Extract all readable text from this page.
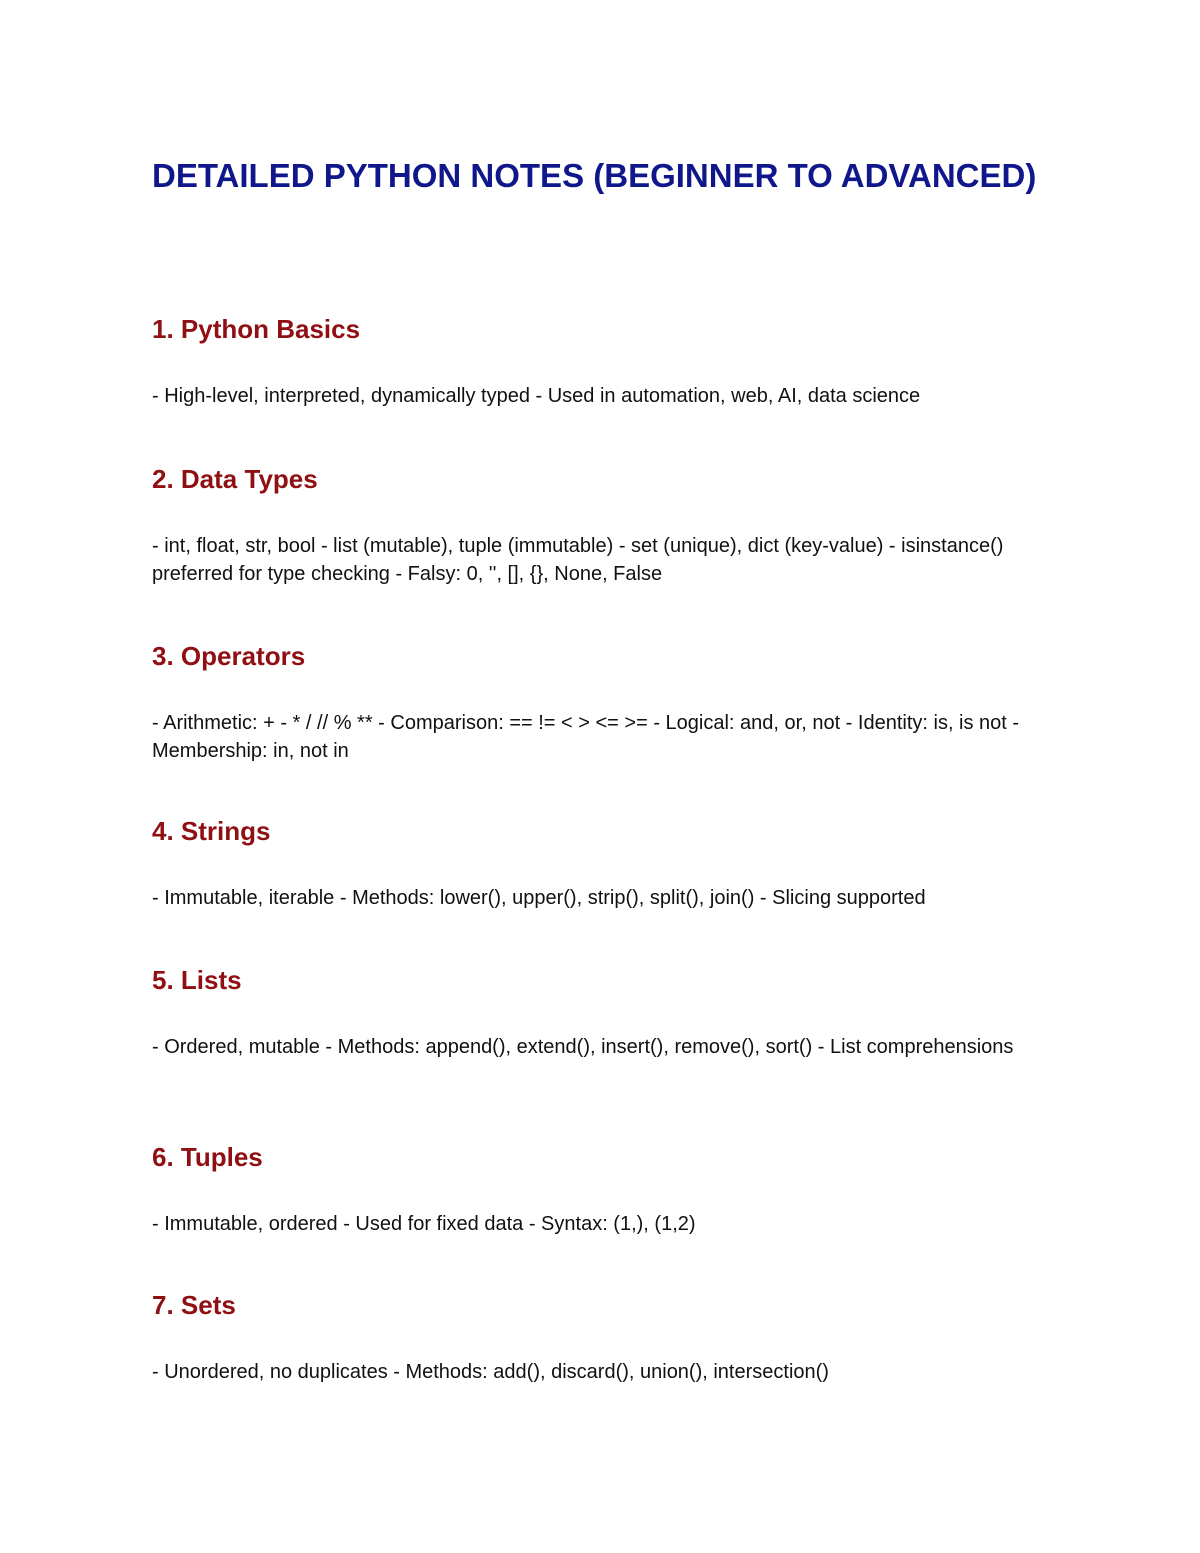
DETAILED PYTHON NOTES (BEGINNER TO ADVANCED)
1. Python Basics

- High-level, interpreted, dynamically typed - Used in automation, web, AI, data science

2. Data Types

- int, float, str, bool - list (mutable), tuple (immutable) - set (unique), dict (key-value) - isinstance() preferred for type checking - Falsy: 0, '', [], {}, None, False

3. Operators

- Arithmetic: + - * / // % ** - Comparison: == != < > <= >= - Logical: and, or, not - Identity: is, is not - Membership: in, not in

4. Strings

- Immutable, iterable - Methods: lower(), upper(), strip(), split(), join() - Slicing supported

5. Lists

- Ordered, mutable - Methods: append(), extend(), insert(), remove(), sort() - List comprehensions

6. Tuples

- Immutable, ordered - Used for fixed data - Syntax: (1,), (1,2)

7. Sets

- Unordered, no duplicates - Methods: add(), discard(), union(), intersection()
